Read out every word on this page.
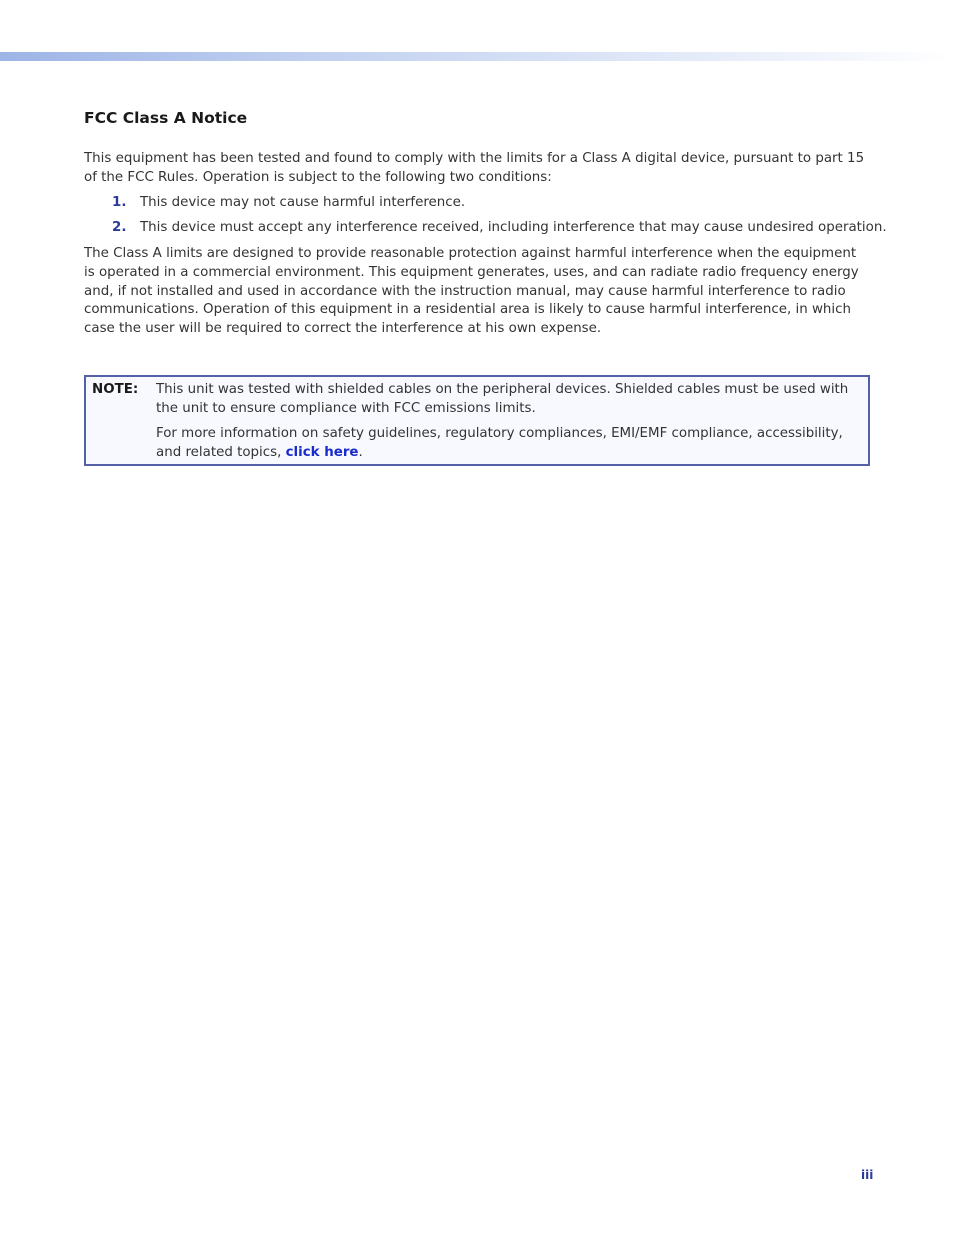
FCC Class A Notice

This equipment has been tested and found to comply with the limits for a Class A digital device, pursuant to part 15 of the FCC Rules. Operation is subject to the following two conditions:

1. This device may not cause harmful interference.
2. This device must accept any interference received, including interference that may cause undesired operation.

The Class A limits are designed to provide reasonable protection against harmful interference when the equipment is operated in a commercial environment. This equipment generates, uses, and can radiate radio frequency energy and, if not installed and used in accordance with the instruction manual, may cause harmful interference to radio communications. Operation of this equipment in a residential area is likely to cause harmful interference, in which case the user will be required to correct the interference at his own expense.

NOTE: This unit was tested with shielded cables on the peripheral devices. Shielded cables must be used with the unit to ensure compliance with FCC emissions limits.

For more information on safety guidelines, regulatory compliances, EMI/EMF compliance, accessibility, and related topics, click here.

iii
